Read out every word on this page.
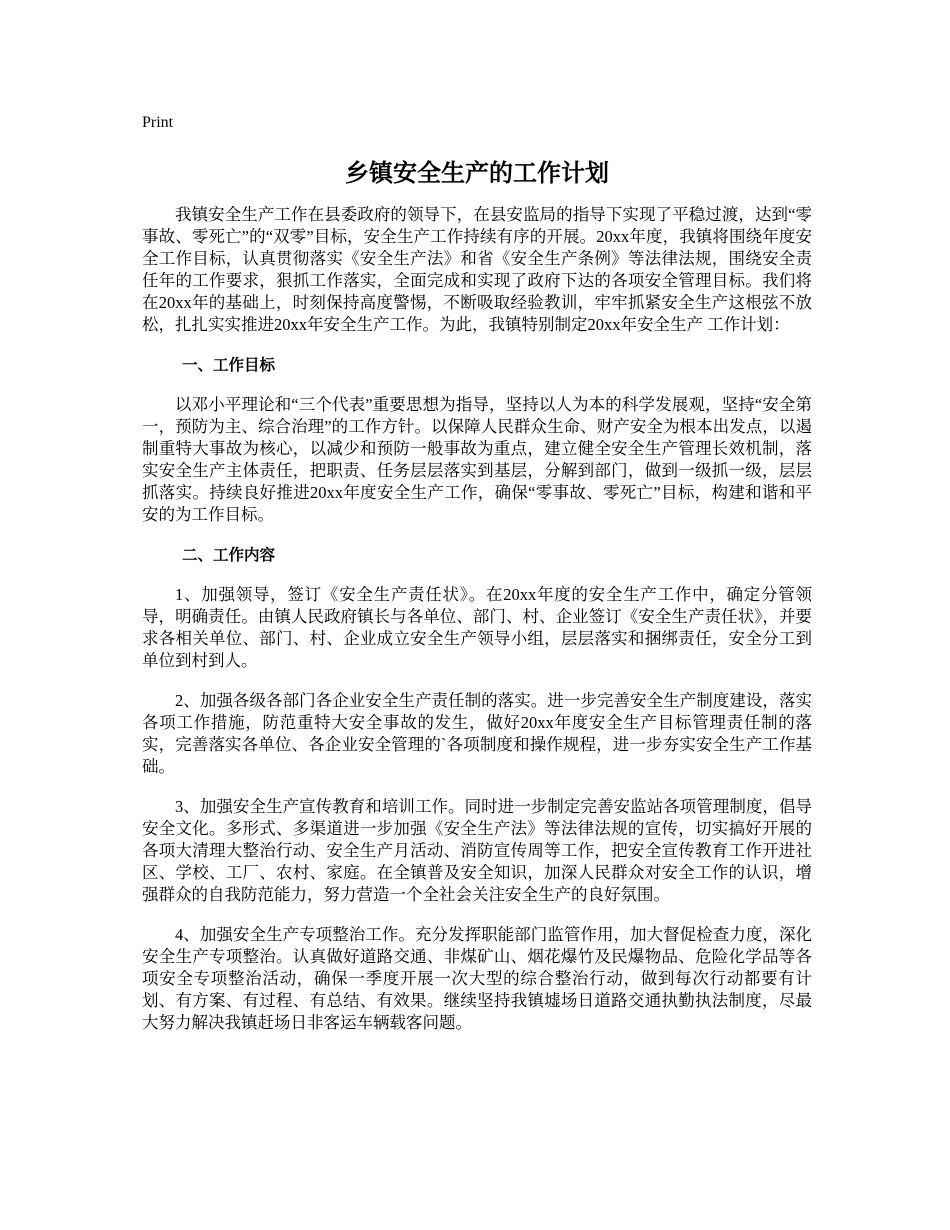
Print
乡镇安全生产的工作计划

我镇安全生产工作在县委政府的领导下，在县安监局的指导下实现了平稳过渡，达到“零事故、零死亡”的“双零”目标，安全生产工作持续有序的开展。20xx年度，我镇将围绕年度安全工作目标，认真贯彻落实《安全生产法》和省《安全生产条例》等法律法规，围绕安全责任年的工作要求，狠抓工作落实，全面完成和实现了政府下达的各项安全管理目标。我们将在20xx年的基础上，时刻保持高度警惕，不断吸取经验教训，牢牢抓紧安全生产这根弦不放松，扎扎实实推进20xx年安全生产工作。为此，我镇特别制定20xx年安全生产 工作计划：

一、工作目标

以邓小平理论和“三个代表”重要思想为指导，坚持以人为本的科学发展观，坚持“安全第一，预防为主、综合治理”的工作方针。以保障人民群众生命、财产安全为根本出发点，以遏制重特大事故为核心，以减少和预防一般事故为重点，建立健全安全生产管理长效机制，落实安全生产主体责任，把职责、任务层层落实到基层，分解到部门，做到一级抓一级，层层抓落实。持续良好推进20xx年度安全生产工作，确保“零事故、零死亡”目标，构建和谐和平安的为工作目标。

二、工作内容

1、加强领导，签订《安全生产责任状》。在20xx年度的安全生产工作中，确定分管领导，明确责任。由镇人民政府镇长与各单位、部门、村、企业签订《安全生产责任状》，并要求各相关单位、部门、村、企业成立安全生产领导小组，层层落实和捆绑责任，安全分工到单位到村到人。

2、加强各级各部门各企业安全生产责任制的落实。进一步完善安全生产制度建设，落实各项工作措施，防范重特大安全事故的发生，做好20xx年度安全生产目标管理责任制的落实，完善落实各单位、各企业安全管理的`各项制度和操作规程，进一步夯实安全生产工作基础。

3、加强安全生产宣传教育和培训工作。同时进一步制定完善安监站各项管理制度，倡导安全文化。多形式、多渠道进一步加强《安全生产法》等法律法规的宣传，切实搞好开展的各项大清理大整治行动、安全生产月活动、消防宣传周等工作，把安全宣传教育工作开进社区、学校、工厂、农村、家庭。在全镇普及安全知识，加深人民群众对安全工作的认识，增强群众的自我防范能力，努力营造一个全社会关注安全生产的良好氛围。

4、加强安全生产专项整治工作。充分发挥职能部门监管作用，加大督促检查力度，深化安全生产专项整治。认真做好道路交通、非煤矿山、烟花爆竹及民爆物品、危险化学品等各项安全专项整治活动，确保一季度开展一次大型的综合整治行动，做到每次行动都要有计划、有方案、有过程、有总结、有效果。继续坚持我镇墟场日道路交通执勤执法制度，尽最大努力解决我镇赶场日非客运车辆载客问题。
